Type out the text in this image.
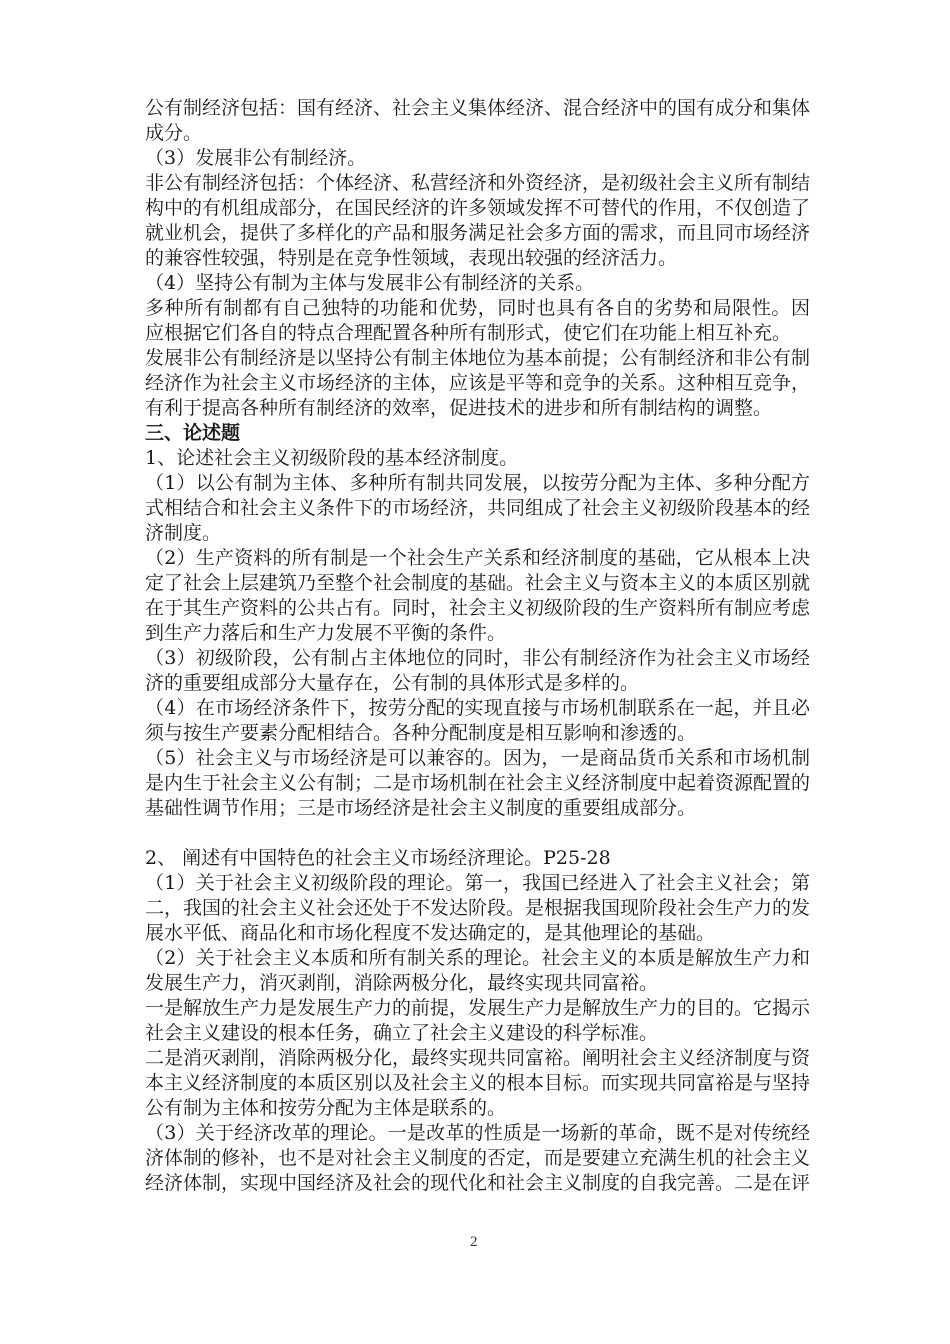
公有制经济包括：国有经济、社会主义集体经济、混合经济中的国有成分和集体
成分。
（3）发展非公有制经济。
非公有制经济包括：个体经济、私营经济和外资经济，是初级社会主义所有制结
构中的有机组成部分，在国民经济的许多领域发挥不可替代的作用，不仅创造了
就业机会，提供了多样化的产品和服务满足社会多方面的需求，而且同市场经济
的兼容性较强，特别是在竞争性领域，表现出较强的经济活力。
（4）坚持公有制为主体与发展非公有制经济的关系。
多种所有制都有自己独特的功能和优势，同时也具有各自的劣势和局限性。因
应根据它们各自的特点合理配置各种所有制形式，使它们在功能上相互补充。
发展非公有制经济是以坚持公有制主体地位为基本前提；公有制经济和非公有制
经济作为社会主义市场经济的主体，应该是平等和竞争的关系。这种相互竞争，
有利于提高各种所有制经济的效率，促进技术的进步和所有制结构的调整。
三、论述题
1、论述社会主义初级阶段的基本经济制度。
（1）以公有制为主体、多种所有制共同发展，以按劳分配为主体、多种分配方
式相结合和社会主义条件下的市场经济，共同组成了社会主义初级阶段基本的经
济制度。
（2）生产资料的所有制是一个社会生产关系和经济制度的基础，它从根本上决
定了社会上层建筑乃至整个社会制度的基础。社会主义与资本主义的本质区别就
在于其生产资料的公共占有。同时，社会主义初级阶段的生产资料所有制应考虑
到生产力落后和生产力发展不平衡的条件。
（3）初级阶段，公有制占主体地位的同时，非公有制经济作为社会主义市场经
济的重要组成部分大量存在，公有制的具体形式是多样的。
（4）在市场经济条件下，按劳分配的实现直接与市场机制联系在一起，并且必
须与按生产要素分配相结合。各种分配制度是相互影响和渗透的。
（5）社会主义与市场经济是可以兼容的。因为，一是商品货币关系和市场机制
是内生于社会主义公有制；二是市场机制在社会主义经济制度中起着资源配置的
基础性调节作用；三是市场经济是社会主义制度的重要组成部分。
2、 阐述有中国特色的社会主义市场经济理论。P25-28
（1）关于社会主义初级阶段的理论。第一，我国已经进入了社会主义社会；第
二，我国的社会主义社会还处于不发达阶段。是根据我国现阶段社会生产力的发
展水平低、商品化和市场化程度不发达确定的，是其他理论的基础。
（2）关于社会主义本质和所有制关系的理论。社会主义的本质是解放生产力和
发展生产力，消灭剥削，消除两极分化，最终实现共同富裕。
一是解放生产力是发展生产力的前提，发展生产力是解放生产力的目的。它揭示
社会主义建设的根本任务，确立了社会主义建设的科学标准。
二是消灭剥削，消除两极分化，最终实现共同富裕。阐明社会主义经济制度与资
本主义经济制度的本质区别以及社会主义的根本目标。而实现共同富裕是与坚持
公有制为主体和按劳分配为主体是联系的。
（3）关于经济改革的理论。一是改革的性质是一场新的革命，既不是对传统经
济体制的修补，也不是对社会主义制度的否定，而是要建立充满生机的社会主义
经济体制，实现中国经济及社会的现代化和社会主义制度的自我完善。二是在评
2
